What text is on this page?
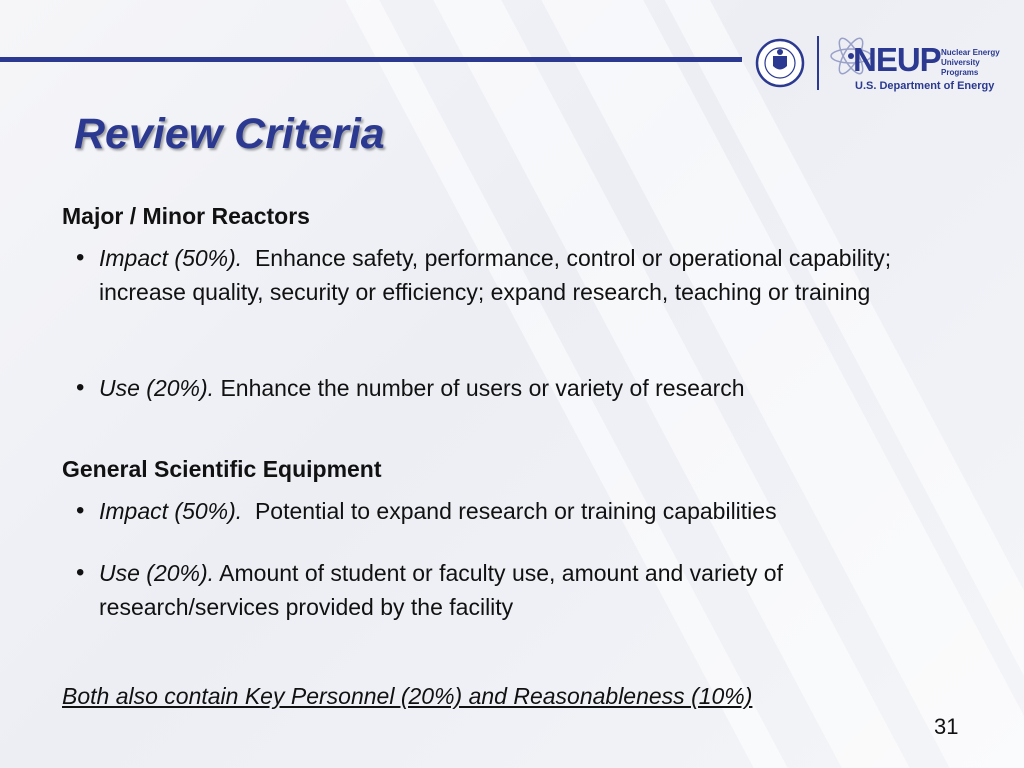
NEUP Nuclear Energy
University Programs
U.S. Department of Energy
Review Criteria
Major / Minor Reactors
• Impact (50%). Enhance safety, performance, control or operational capability; increase quality, security or efficiency; expand research, teaching or training
• Use (20%). Enhance the number of users or variety of research
General Scientific Equipment
• Impact (50%). Potential to expand research or training capabilities
• Use (20%). Amount of student or faculty use, amount and variety of research/services provided by the facility
Both also contain Key Personnel (20%) and Reasonableness (10%)
31
